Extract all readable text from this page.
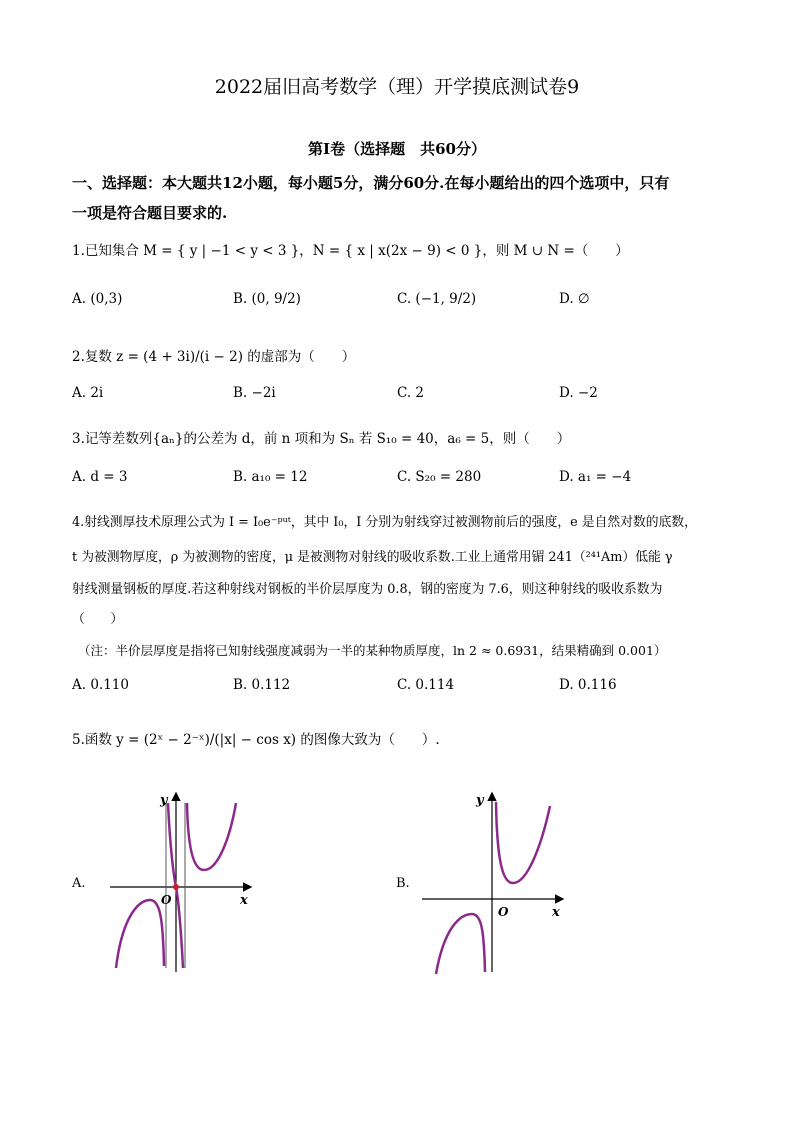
2022届旧高考数学（理）开学摸底测试卷9
第Ⅰ卷（选择题　共60分）
一、选择题：本大题共12小题，每小题5分，满分60分.在每小题给出的四个选项中，只有
一项是符合题目要求的.
1.已知集合 M = { y | −1 < y < 3 }，N = { x | x(2x − 9) < 0 }，则 M ∪ N =（　　）
A. (0,3)	B. (0, 9/2)	C. (−1, 9/2)	D. ∅
2.复数 z = (4 + 3i)/(i − 2) 的虚部为（　　）
A. 2i	B. −2i	C. 2	D. −2
3.记等差数列{aₙ}的公差为 d，前 n 项和为 Sₙ 若 S₁₀ = 40，a₆ = 5，则（　　）
A. d = 3	B. a₁₀ = 12	C. S₂₀ = 280	D. a₁ = −4
4.射线测厚技术原理公式为 I = I₀e⁻ᵖᵘᵗ，其中 I₀，I 分别为射线穿过被测物前后的强度，e 是自然对数的底数，
t 为被测物厚度，ρ 为被测物的密度，μ 是被测物对射线的吸收系数.工业上通常用镅 241（²⁴¹Am）低能 γ
射线测量钢板的厚度.若这种射线对钢板的半价层厚度为 0.8，钢的密度为 7.6，则这种射线的吸收系数为
（　　）
（注：半价层厚度是指将已知射线强度减弱为一半的某种物质厚度，ln 2 ≈ 0.6931，结果精确到 0.001）
A. 0.110	B. 0.112	C. 0.114	D. 0.116
5.函数 y = (2ˣ − 2⁻ˣ)/(|x| − cos x) 的图像大致为（　　）.
A.	B.
y
x
O
y
x
O
